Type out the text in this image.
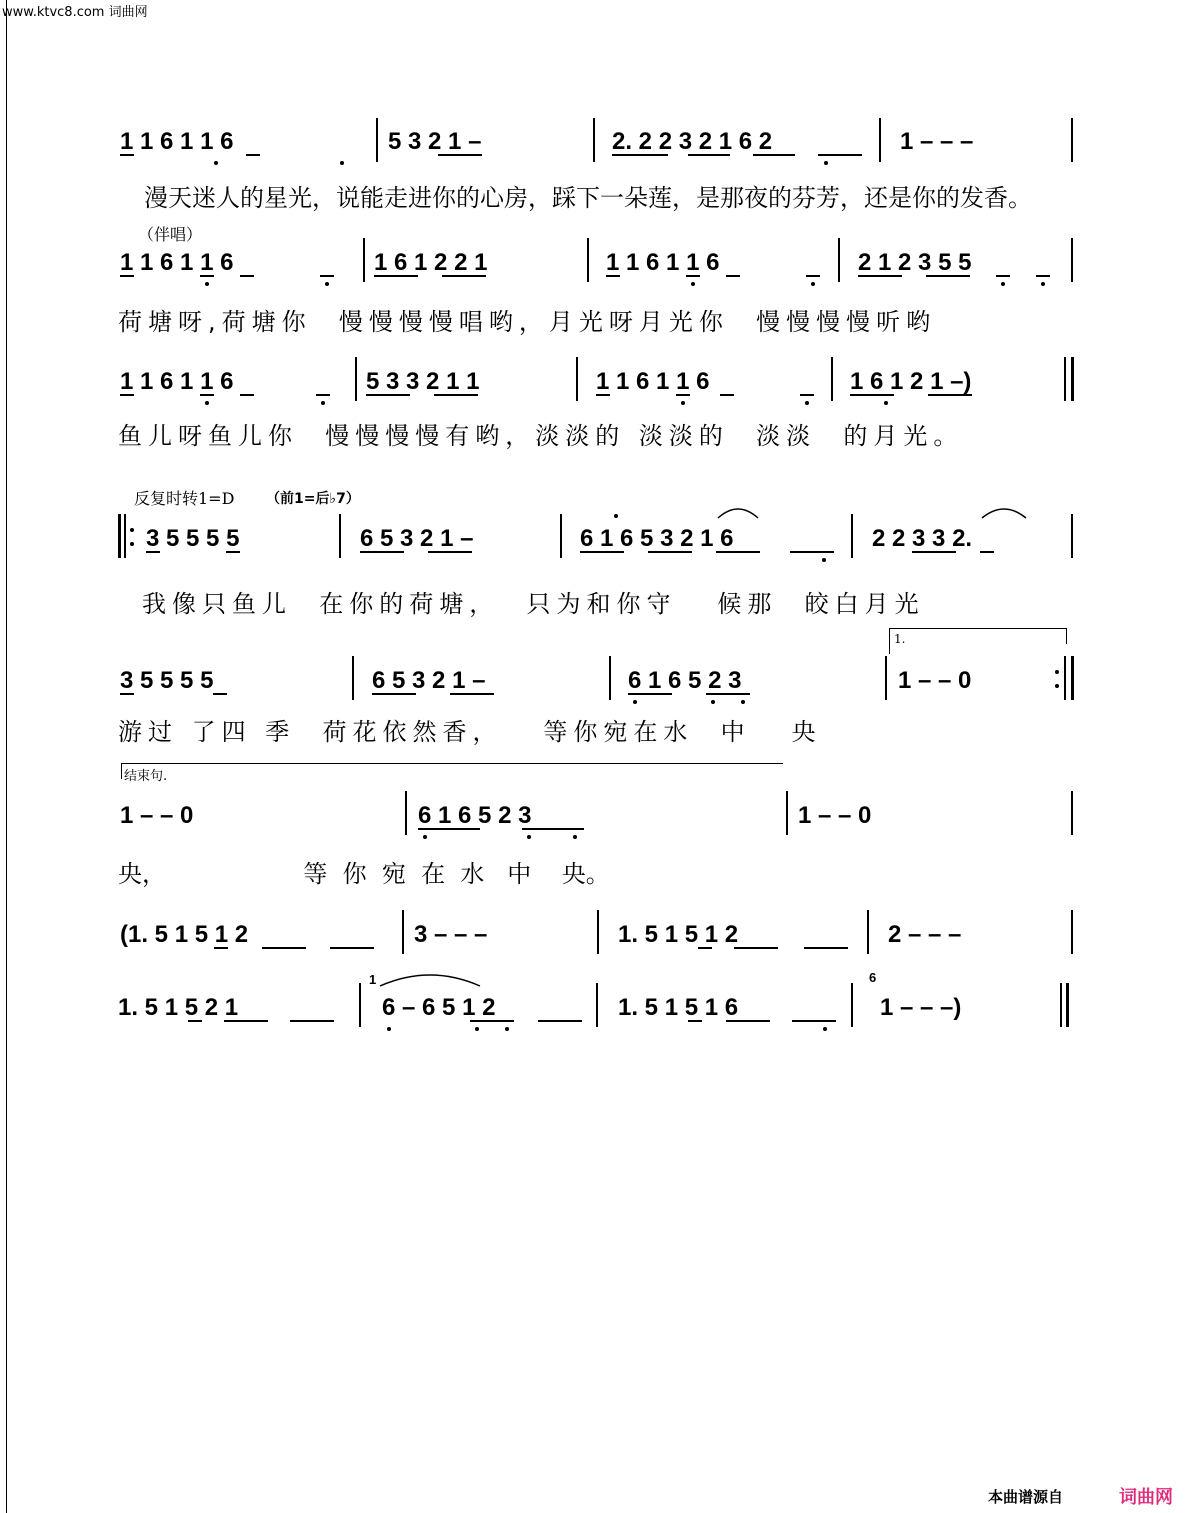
www.ktvc8.com 词曲网
1 1 6 1 1 6	5 3 2 1 –	2. 2 2 3 2 1 6 2	1 – – –
漫天迷人的星光，说能走进你的心房，踩下一朵莲，是那夜的芬芳，还是你的发香。
（伴唱）
1 1 6 1 1 6	1 6 1 2 2 1	1 1 6 1 1 6	2 1 2 3 5 5
荷塘呀,荷塘你  慢慢慢慢唱哟，月光呀月光你  慢慢慢慢听哟
1 1 6 1 1 6	5 3 3 2 1 1	1 1 6 1 1 6	1 6 1 2 1 –)
鱼儿呀鱼儿你  慢慢慢慢有哟，淡淡的 淡淡的  淡淡  的月光。
反复时转1=D （前1=后♭7）
3 5 5 5 5	6 5 3 2 1 –	6 1 6 5 3 2 1 6	2 2 3 3 2.
我像只鱼儿  在你的荷塘，  只为和你守   候那  皎白月光
1.
3 5 5 5 5	6 5 3 2 1 –	6 1 6 5 2 3	1 – – 0
游过 了四 季  荷花依然香，   等你宛在水  中   央
结束句.
1 – – 0	6 1 6 5 2 3	1 – – 0
央，                  等  你  宛  在  水   中    央。
(1. 5 1 5 1 2	3 – – –	1. 5 1 5 1 2	2 – – –
1. 5 1 5 2 1
1
6 – 6 5 1 2	1. 5 1 5 1 6
6
1 – – –)
本曲谱源自	词曲网
